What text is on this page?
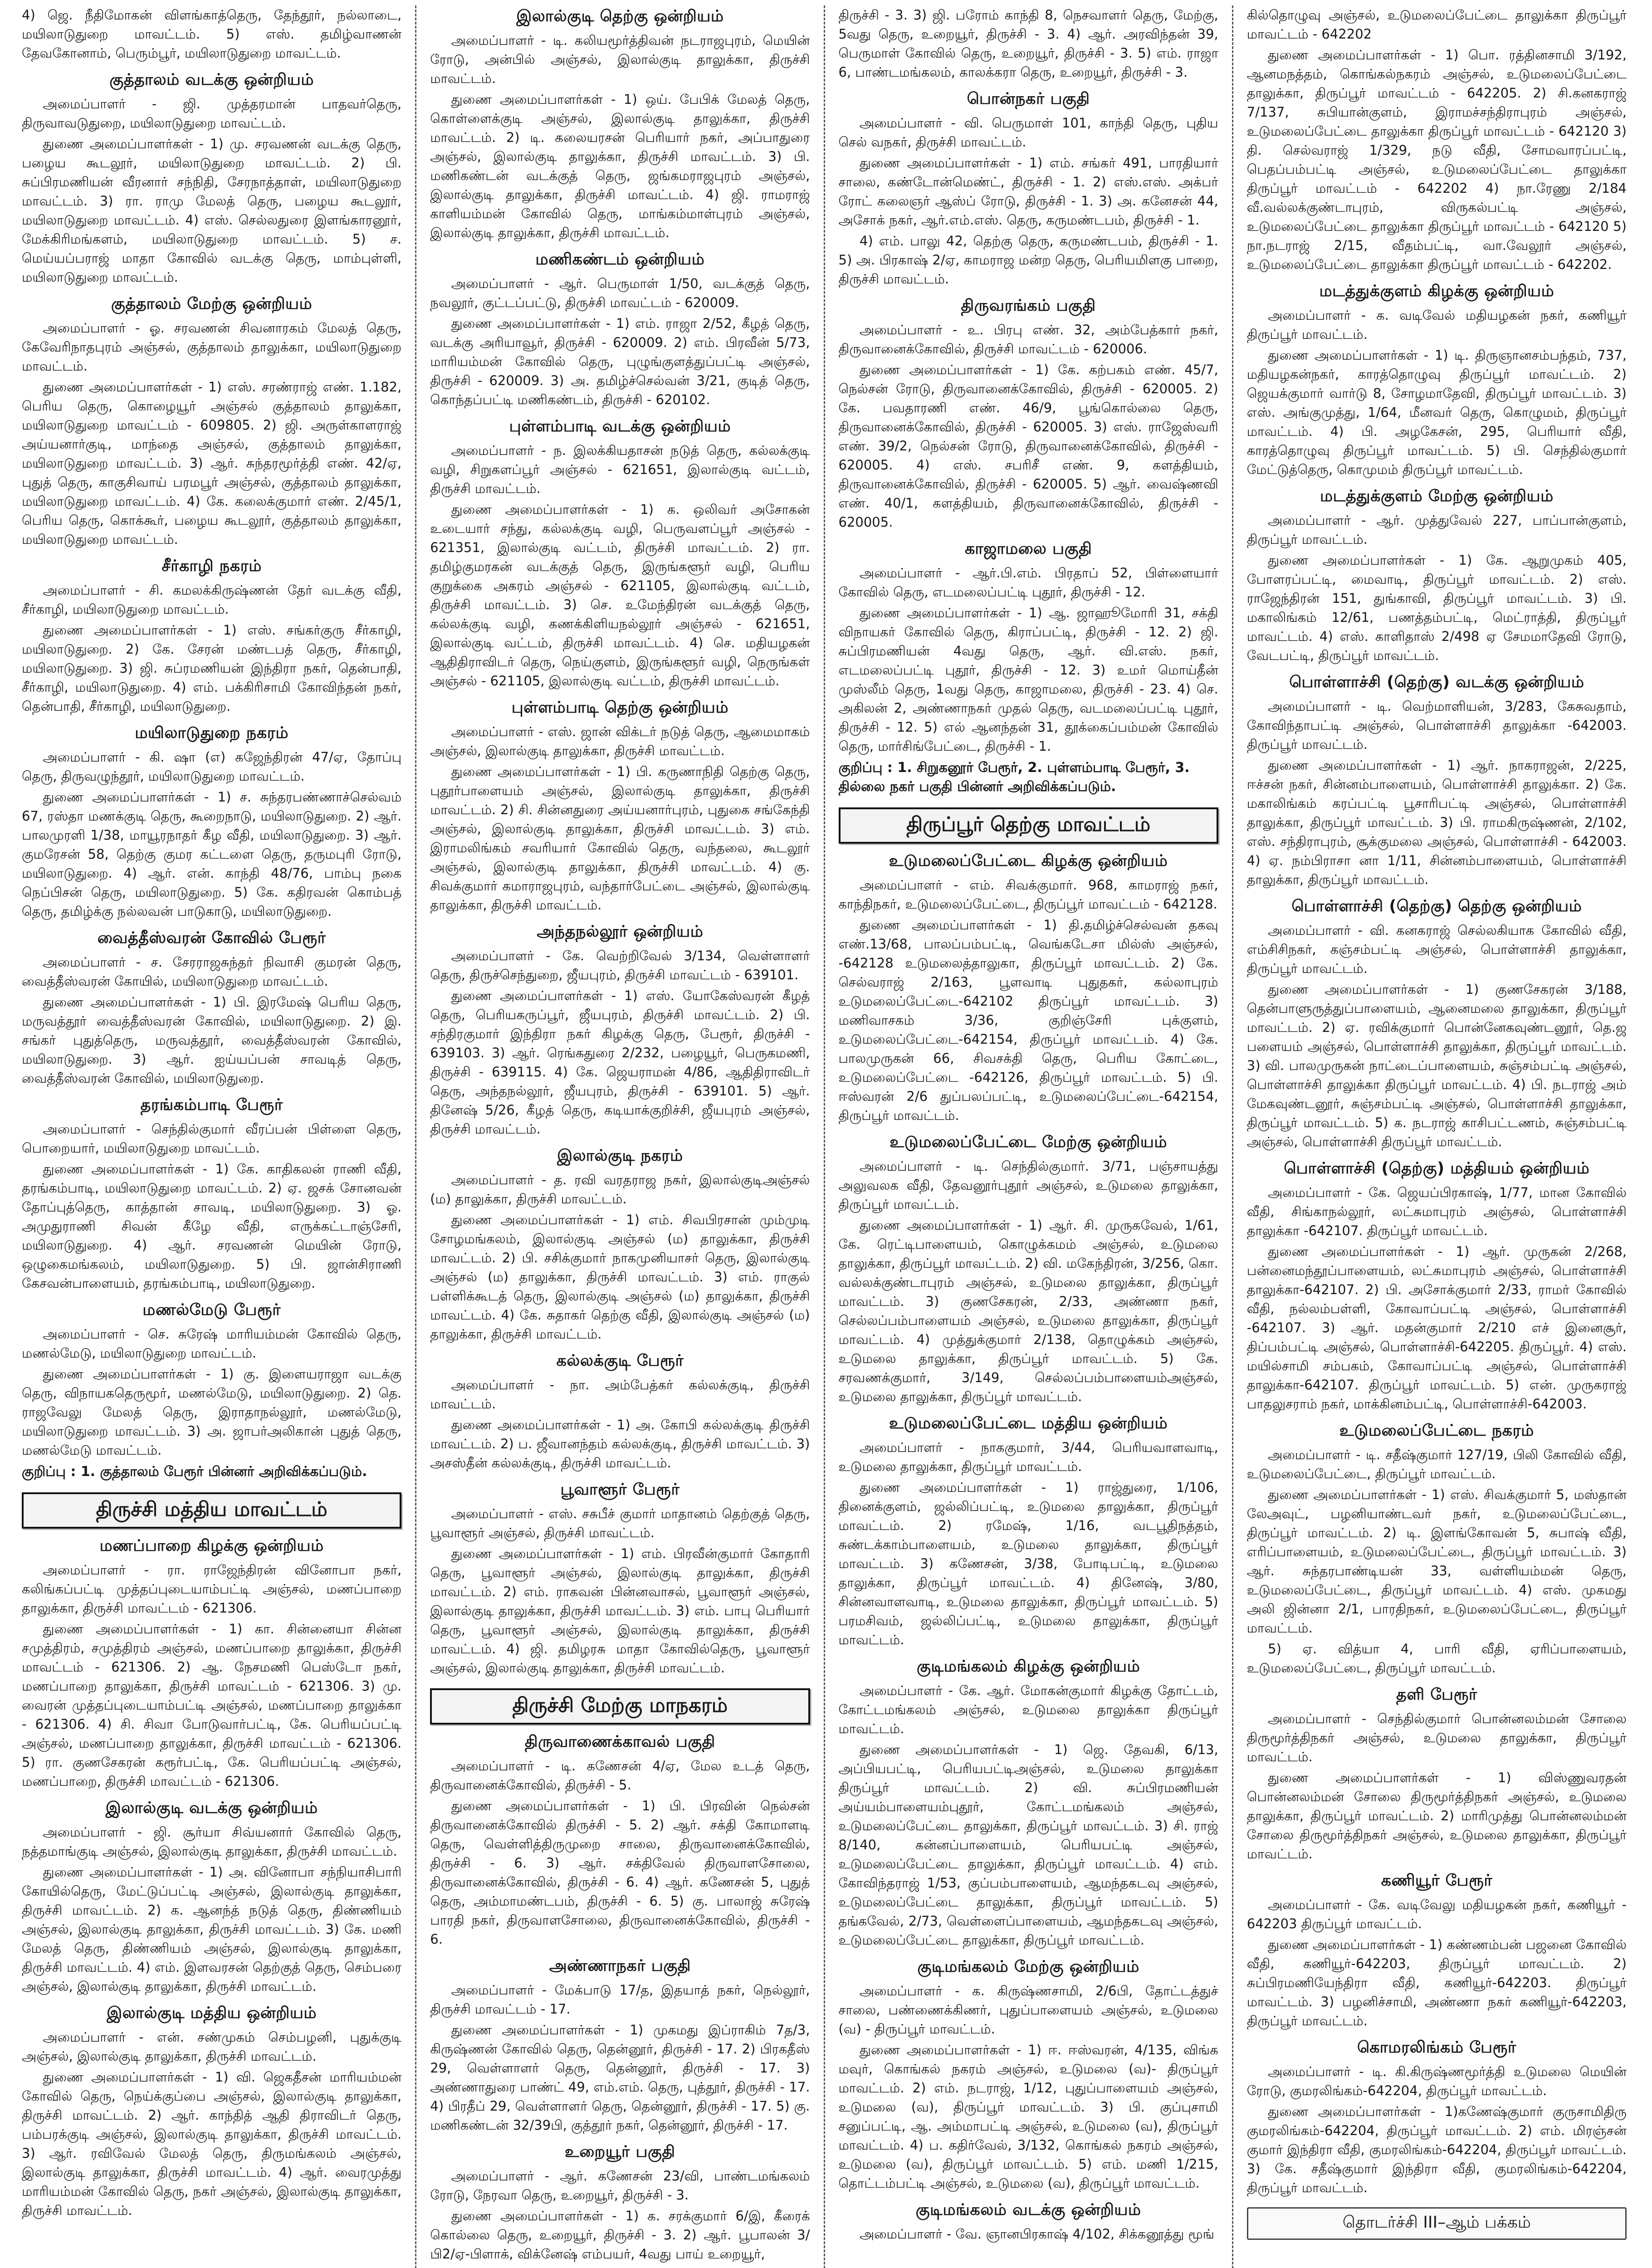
4) ஜெ. நீதிமோகன் விளங்காத்தெரு, தேந்தூர், நல்லாடை, மயிலாடுதுறை மாவட்டம். 5) எஸ். தமிழ்வாணன் தேவகோனாம், பெரும்பூர், மயிலாடுதுறை மாவட்டம்.

குத்தாலம் வடக்கு ஒன்றியம்

அமைப்பாளர் - ஜி. முத்தரமான் பாதவர்தெரு, திருவாவடுதுறை, மயிலாடுதுறை மாவட்டம்.

துணை அமைப்பாளர்கள் - 1) மு. சரவணன் வடக்கு தெரு, பழைய கூடலூர், மயிலாடுதுறை மாவட்டம். 2) பி. சுப்பிரமணியன் வீரனார் சந்நிதி, சேரநாத்தாள், மயிலாடுதுறை மாவட்டம். 3) ரா. ராமு மேலத் தெரு, பழைய கூடலூர், மயிலாடுதுறை மாவட்டம். 4) எஸ். செல்லதுரை இளங்காரனூர், மேக்கிரிமங்களம், மயிலாடுதுறை மாவட்டம். 5) ச. மெய்யப்பராஜ் மாதா கோவில் வடக்கு தெரு, மாம்புள்ளி, மயிலாடுதுறை மாவட்டம்.

குத்தாலம் மேற்கு ஒன்றியம்

அமைப்பாளர் - ஓ. சரவணன் சிவனாரகம் மேலத் தெரு, கேவேரிநாதபுரம் அஞ்சல், குத்தாலம் தாலுக்கா, மயிலாடுதுறை மாவட்டம்.

துணை அமைப்பாளர்கள் - 1) எஸ். சரண்ராஜ் எண். 1.182, பெரிய தெரு, கொழையூர் அஞ்சல் குத்தாலம் தாலுக்கா, மயிலாடுதுறை மாவட்டம் - 609805. 2) ஜி. அருள்காளராஜ் அய்யனார்குடி, மாந்தை அஞ்சல், குத்தாலம் தாலுக்கா, மயிலாடுதுறை மாவட்டம். 3) ஆர். சுந்தரமூர்த்தி எண். 42/ஏ, புதுத் தெரு, காகுசிவாய் பரமபூர் அஞ்சல், குத்தாலம் தாலுக்கா, மயிலாடுதுறை மாவட்டம். 4) கே. கலைக்குமார் எண். 2/45/1, பெரிய தெரு, கொக்கூர், பழைய கூடலூர், குத்தாலம் தாலுக்கா, மயிலாடுதுறை மாவட்டம்.

சீர்காழி நகரம்

அமைப்பாளர் - சி. கமலக்கிருஷ்ணன் தேர் வடக்கு வீதி, சீர்காழி, மயிலாடுதுறை மாவட்டம்.

துணை அமைப்பாளர்கள் - 1) எஸ். சங்கர்குரு சீர்காழி, மயிலாடுதுறை. 2) கே. சேரன் மண்டபத் தெரு, சீர்காழி, மயிலாடுதுறை. 3) ஜி. சுப்ரமணியன் இந்திரா நகர், தென்பாதி, சீர்காழி, மயிலாடுதுறை. 4) எம். பக்கிரிசாமி கோவிந்தன் நகர், தென்பாதி, சீர்காழி, மயிலாடுதுறை.

மயிலாடுதுறை நகரம்

அமைப்பாளர் - கி. ஷா (எ) கஜேந்திரன் 47/ஏ, தோப்பு தெரு, திருவழுந்தூர், மயிலாடுதுறை மாவட்டம்.

துணை அமைப்பாளர்கள் - 1) ச. சுந்தரபண்ணாச்செல்வம் 67, ரஸ்தா மணக்குடி தெரு, கூறைநாடு, மயிலாடுதுறை. 2) ஆர். பாலமுரளி 1/38, மாயூரநாதர் கீழ வீதி, மயிலாடுதுறை. 3) ஆர். குமரேசன் 58, தெற்கு குமர கட்டளை தெரு, தருமபுரி ரோடு, மயிலாடுதுறை. 4) ஆர். என். காந்தி 48/76, பாம்பு நகை நெப்பிசன் தெரு, மயிலாடுதுறை. 5) கே. கதிரவன் கொம்பத் தெரு, தமிழ்க்கு நல்லவன் பாடுகாடு, மயிலாடுதுறை.

வைத்தீஸ்வரன் கோவில் பேரூர்

அமைப்பாளர் - ச. சேரராஜசுந்தர் நிவாசி குமரன் தெரு, வைத்தீஸ்வரன் கோயில், மயிலாடுதுறை மாவட்டம்.

துணை அமைப்பாளர்கள் - 1) பி. இரமேஷ் பெரிய தெரு, மருவத்தூர் வைத்தீஸ்வரன் கோவில், மயிலாடுதுறை. 2) இ. சங்கர் புதுத்தெரு, மருவத்தூர், வைத்தீஸ்வரன் கோவில், மயிலாடுதுறை. 3) ஆர். ஐய்யப்பன் சாவடித் தெரு, வைத்தீஸ்வரன் கோவில், மயிலாடுதுறை.

தரங்கம்பாடி பேரூர்

அமைப்பாளர் - செந்தில்குமார் வீரப்பன் பிள்ளை தெரு, பொறையார், மயிலாடுதுறை மாவட்டம்.

துணை அமைப்பாளர்கள் - 1) கே. காதிகலன் ராணி வீதி, தரங்கம்பாடி, மயிலாடுதுறை மாவட்டம். 2) ஏ. ஜசக் சோனவன் தோப்புத்தெரு, காத்தான் சாவடி, மயிலாடுதுறை. 3) ஓ. அமுதுராணி சிவன் கீழே வீதி, எருக்கட்டாஞ்சேரி, மயிலாடுதுறை. 4) ஆர். சரவணன் மெயின் ரோடு, ஒழுகைமங்கலம், மயிலாடுதுறை. 5) பி. ஜான்சிராணி கேசவன்பாளையம், தரங்கம்பாடி, மயிலாடுதுறை.

மணல்மேடு பேரூர்

அமைப்பாளர் - செ. சுரேஷ் மாரியம்மன் கோவில் தெரு, மணல்மேடு, மயிலாடுதுறை மாவட்டம்.

துணை அமைப்பாளர்கள் - 1) கு. இளையராஜா வடக்கு தெரு, விநாயகதெருமூர், மணல்மேடு, மயிலாடுதுறை. 2) தெ. ராஜவேலு மேலத் தெரு, இராதாநல்லூர், மணல்மேடு, மயிலாடுதுறை மாவட்டம். 3) அ. ஜாபர்அலிகான் புதுத் தெரு, மணல்மேடு மாவட்டம்.

குறிப்பு : 1. குத்தாலம் பேரூர் பின்னர் அறிவிக்கப்படும்.
திருச்சி மத்திய மாவட்டம்
மணப்பாறை கிழக்கு ஒன்றியம்

அமைப்பாளர் - ரா. ராஜேந்திரன் வினோபா நகர், கலிங்கப்பட்டி முத்தப்புடையாம்பட்டி அஞ்சல், மணப்பாறை தாலுக்கா, திருச்சி மாவட்டம் - 621306.

துணை அமைப்பாளர்கள் - 1) கா. சின்னையா சின்ன சமுத்திரம், சமுத்திரம் அஞ்சல், மணப்பாறை தாலுக்கா, திருச்சி மாவட்டம் - 621306. 2) ஆ. நேசமணி பெஸ்டோ நகர், மணப்பாறை தாலுக்கா, திருச்சி மாவட்டம் - 621306. 3) மு. வைரன் முத்தப்புடையாம்பட்டி அஞ்சல், மணப்பாறை தாலுக்கா - 621306. 4) சி. சிவா போடுவார்பட்டி, கே. பெரியப்பட்டி அஞ்சல், மணப்பாறை தாலுக்கா, திருச்சி மாவட்டம் - 621306. 5) ரா. குணசேகரன் கரூர்பட்டி, கே. பெரியப்பட்டி அஞ்சல், மணப்பாறை, திருச்சி மாவட்டம் - 621306.

இலால்குடி வடக்கு ஒன்றியம்

அமைப்பாளர் - ஜி. சூர்யா சிவ்யனார் கோவில் தெரு, நத்தமாங்குடி அஞ்சல், இலால்குடி தாலுக்கா, திருச்சி மாவட்டம்.

துணை அமைப்பாளர்கள் - 1) அ. வினோபா சந்நியாசிபாரி கோயில்தெரு, மேட்டுப்பட்டி அஞ்சல், இலால்குடி தாலுக்கா, திருச்சி மாவட்டம். 2) க. ஆனந்த் நடுத் தெரு, திண்ணியம் அஞ்சல், இலால்குடி தாலுக்கா, திருச்சி மாவட்டம். 3) கே. மணி மேலத் தெரு, திண்ணியம் அஞ்சல், இலால்குடி தாலுக்கா, திருச்சி மாவட்டம். 4) எம். இளவரசன் தெற்குத் தெரு, செம்பரை அஞ்சல், இலால்குடி தாலுக்கா, திருச்சி மாவட்டம்.

இலால்குடி மத்திய ஒன்றியம்

அமைப்பாளர் - என். சண்முகம் செம்பழனி, புதுக்குடி அஞ்சல், இலால்குடி தாலுக்கா, திருச்சி மாவட்டம்.

துணை அமைப்பாளர்கள் - 1) வி. ஜெகதீசன் மாரியம்மன் கோவில் தெரு, நெய்க்குப்பை அஞ்சல், இலால்குடி தாலுக்கா, திருச்சி மாவட்டம். 2) ஆர். காந்தித் ஆதி திராவிடர் தெரு, பம்பரக்குடி அஞ்சல், இலால்குடி தாலுக்கா, திருச்சி மாவட்டம். 3) ஆர். ரவிவேல் மேலத் தெரு, திருமங்கலம் அஞ்சல், இலால்குடி தாலுக்கா, திருச்சி மாவட்டம். 4) ஆர். வைரமுத்து மாரியம்மன் கோவில் தெரு, நகர் அஞ்சல், இலால்குடி தாலுக்கா, திருச்சி மாவட்டம்.

இலால்குடி தெற்கு ஒன்றியம்

அமைப்பாளர் - டி. கலியமூர்த்திவன் நடராஜபுரம், மெயின் ரோடு, அன்பில் அஞ்சல், இலால்குடி தாலுக்கா, திருச்சி மாவட்டம்.

துணை அமைப்பாளர்கள் - 1) ஒய். பேபிக் மேலத் தெரு, கொள்ளைக்குடி அஞ்சல், இலால்குடி தாலுக்கா, திருச்சி மாவட்டம். 2) டி. கலையரசன் பெரியார் நகர், அப்பாதுரை அஞ்சல், இலால்குடி தாலுக்கா, திருச்சி மாவட்டம். 3) பி. மணிகண்டன் வடக்குத் தெரு, ஜங்கமராஜபுரம் அஞ்சல், இலால்குடி தாலுக்கா, திருச்சி மாவட்டம். 4) ஜி. ராமராஜ் காளியம்மன் கோவில் தெரு, மாங்கம்மாள்புரம் அஞ்சல், இலால்குடி தாலுக்கா, திருச்சி மாவட்டம்.

மணிகண்டம் ஒன்றியம்

அமைப்பாளர் - ஆர். பெருமாள் 1/50, வடக்குத் தெரு, நவலூர், குட்டப்பட்டு, திருச்சி மாவட்டம் - 620009.

துணை அமைப்பாளர்கள் - 1) எம். ராஜா 2/52, கீழத் தெரு, வடக்கு அரியாவூர், திருச்சி - 620009. 2) எம். பிரவீன் 5/73, மாரியம்மன் கோவில் தெரு, புழுங்குளத்துப்பட்டி அஞ்சல், திருச்சி - 620009. 3) அ. தமிழ்ச்செல்வன் 3/21, குடித் தெரு, கொந்தப்பட்டி மணிகண்டம், திருச்சி - 620102.

புள்ளம்பாடி வடக்கு ஒன்றியம்

அமைப்பாளர் - ந. இலக்கியதாசன் நடுத் தெரு, கல்லக்குடி வழி, சிறுகளப்பூர் அஞ்சல் - 621651, இலால்குடி வட்டம், திருச்சி மாவட்டம்.

துணை அமைப்பாளர்கள் - 1) க. ஒலிவர் அசோகன் உடையார் சந்து, கல்லக்குடி வழி, பெருவளப்பூர் அஞ்சல் - 621351, இலால்குடி வட்டம், திருச்சி மாவட்டம். 2) ரா. தமிழ்குமரகன் வடக்குத் தெரு, இருங்களூர் வழி, பெரிய குறுக்கை அகரம் அஞ்சல் - 621105, இலால்குடி வட்டம், திருச்சி மாவட்டம். 3) செ. உமேந்திரன் வடக்குத் தெரு, கல்லக்குடி வழி, கணக்கிளியநல்லூர் அஞ்சல் - 621651, இலால்குடி வட்டம், திருச்சி மாவட்டம். 4) செ. மதியழகன் ஆதிதிராவிடர் தெரு, நெய்குளம், இருங்களூர் வழி, நெருங்கள் அஞ்சல் - 621105, இலால்குடி வட்டம், திருச்சி மாவட்டம்.

புள்ளம்பாடி தெற்கு ஒன்றியம்

அமைப்பாளர் - எஸ். ஜான் விக்டர் நடுத் தெரு, ஆமைமாகம் அஞ்சல், இலால்குடி தாலுக்கா, திருச்சி மாவட்டம்.

துணை அமைப்பாளர்கள் - 1) பி. கருணாநிதி தெற்கு தெரு, புதூர்பாளையம் அஞ்சல், இலால்குடி தாலுக்கா, திருச்சி மாவட்டம். 2) சி. சின்னதுரை அய்யனார்புரம், புதுகை சங்கேந்தி அஞ்சல், இலால்குடி தாலுக்கா, திருச்சி மாவட்டம். 3) எம். இராமலிங்கம் சவரியார் கோவில் தெரு, வந்தலை, கூடலூர் அஞ்சல், இலால்குடி தாலுக்கா, திருச்சி மாவட்டம். 4) கு. சிவக்குமார் கமாராஜபுரம், வந்தார்பேட்டை அஞ்சல், இலால்குடி தாலுக்கா, திருச்சி மாவட்டம்.

அந்தநல்லூர் ஒன்றியம்

அமைப்பாளர் - கே. வெற்றிவேல் 3/134, வெள்ளாளர் தெரு, திருச்செந்துறை, ஜீயபுரம், திருச்சி மாவட்டம் - 639101.

துணை அமைப்பாளர்கள் - 1) எஸ். யோகேஸ்வரன் கீழத் தெரு, பெரியகருப்பூர், ஜீயபுரம், திருச்சி மாவட்டம். 2) பி. சந்திரகுமார் இந்திரா நகர் கிழக்கு தெரு, பேரூர், திருச்சி - 639103. 3) ஆர். ரெங்கதுரை 2/232, பழையூர், பெருகமணி, திருச்சி - 639115. 4) கே. ஜெயராமன் 4/86, ஆதிதிராவிடர் தெரு, அந்தநல்லூர், ஜீயபுரம், திருச்சி - 639101. 5) ஆர். தினேஷ் 5/26, கீழத் தெரு, கடியாக்குறிச்சி, ஜீயபுரம் அஞ்சல், திருச்சி மாவட்டம்.

இலால்குடி நகரம்

அமைப்பாளர் - த. ரவி வரதராஜ நகர், இலால்குடிஅஞ்சல் (ம) தாலுக்கா, திருச்சி மாவட்டம்.

துணை அமைப்பாளர்கள் - 1) எம். சிவபிரசான் மும்முடி சோழமங்கலம், இலால்குடி அஞ்சல் (ம) தாலுக்கா, திருச்சி மாவட்டம். 2) பி. சசிக்குமார் நாகமுனியாசர் தெரு, இலால்குடி அஞ்சல் (ம) தாலுக்கா, திருச்சி மாவட்டம். 3) எம். ராகுல் பள்ளிக்கூடத் தெரு, இலால்குடி அஞ்சல் (ம) தாலுக்கா, திருச்சி மாவட்டம். 4) கே. சுதாகர் தெற்கு வீதி, இலால்குடி அஞ்சல் (ம) தாலுக்கா, திருச்சி மாவட்டம்.

கல்லக்குடி பேரூர்

அமைப்பாளர் - நா. அம்பேத்கர் கல்லக்குடி, திருச்சி மாவட்டம்.

துணை அமைப்பாளர்கள் - 1) அ. கோபி கல்லக்குடி திருச்சி மாவட்டம். 2) ப. ஜீவானந்தம் கல்லக்குடி, திருச்சி மாவட்டம். 3) அசஸ்தீன் கல்லக்குடி, திருச்சி மாவட்டம்.

பூவாளூர் பேரூர்

அமைப்பாளர் - எஸ். சசுபீச் குமார் மாதானம் தெற்குத் தெரு, பூவாளூர் அஞ்சல், திருச்சி மாவட்டம்.

துணை அமைப்பாளர்கள் - 1) எம். பிரவீன்குமார் கோதாரி தெரு, பூவாளூர் அஞ்சல், இலால்குடி தாலுக்கா, திருச்சி மாவட்டம். 2) எம். ராகவன் பின்னவாசல், பூவாளூர் அஞ்சல், இலால்குடி தாலுக்கா, திருச்சி மாவட்டம். 3) எம். பாபு பெரியார் தெரு, பூவாளூர் அஞ்சல், இலால்குடி தாலுக்கா, திருச்சி மாவட்டம். 4) ஜி. தமிழரசு மாதா கோவில்தெரு, பூவாளூர் அஞ்சல், இலால்குடி தாலுக்கா, திருச்சி மாவட்டம்.

திருச்சி மேற்கு மாநகரம்
திருவாணைக்காவல் பகுதி

அமைப்பாளர் - டி. கணேசன் 4/ஏ, மேல உடத் தெரு, திருவானைக்கோவில், திருச்சி - 5.

துணை அமைப்பாளர்கள் - 1) பி. பிரவின் நெல்சன் திருவானைக்கோவில் திருச்சி - 5. 2) ஆர். சக்தி கோமாளடி தெரு, வெள்ளித்திருமுறை சாலை, திருவானைக்கோவில், திருச்சி - 6. 3) ஆர். சக்திவேல் திருவாளசோலை, திருவானைக்கோவில், திருச்சி - 6. 4) ஆர். கணேசன் 5, புதுத் தெரு, அம்மாமண்டபம், திருச்சி - 6. 5) கு. பாலாஜ் சுரேஷ் பாரதி நகர், திருவாளசோலை, திருவானைக்கோவில், திருச்சி - 6.

அண்ணாநகர் பகுதி

அமைப்பாளர் - மேக்பாடு 17/த, இதயாத் நகர், நெல்லூர், திருச்சி மாவட்டம் - 17.

துணை அமைப்பாளர்கள் - 1) முகமது இப்ராகிம் 7த/3, கிருஷ்ணன் கோவில் தெரு, தென்னூர், திருச்சி - 17. 2) பிரகதீஸ் 29, வெள்ளாளர் தெரு, தென்னூர், திருச்சி - 17. 3) அண்ணாதுரை பாண்ட் 49, எம்.எம். தெரு, புத்தூர், திருச்சி - 17. 4) பிரதீப் 29, வெள்ளாளர் தெரு, தென்னூர், திருச்சி - 17. 5) கு. மணிகண்டன் 32/39பி, குத்தூர் நகர், தென்னூர், திருச்சி - 17.

உறையூர் பகுதி

அமைப்பாளர் - ஆர். கணேசன் 23/வி, பாண்டமங்கலம் ரோடு, நேரவா தெரு, உறையூர், திருச்சி - 3.

துணை அமைப்பாளர்கள் - 1) க. சரக்குமார் 6/இ, கீரைக் கொல்லை தெரு, உறையூர், திருச்சி - 3. 2) ஆர். பூபாலன் 3/ பி2/ஏ-பிளாக், விக்னேஷ் எம்பயர், 4வது பாய் உறையூர்,

திருச்சி - 3. 3) ஜி. பரோம் காந்தி 8, நெசவாளர் தெரு, மேற்கு, 5வது தெரு, உறையூர், திருச்சி - 3. 4) ஆர். அரவிந்தன் 39, பெருமாள் கோவில் தெரு, உறையூர், திருச்சி - 3. 5) எம். ராஜா 6, பாண்டமங்கலம், காலக்கரா தெரு, உறையூர், திருச்சி - 3.

பொன்நகர் பகுதி

அமைப்பாளர் - வி. பெருமாள் 101, காந்தி தெரு, புதிய செல் வநகர், திருச்சி மாவட்டம்.

துணை அமைப்பாளர்கள் - 1) எம். சங்கர் 491, பாரதியார் சாலை, கண்டோன்மெண்ட், திருச்சி - 1. 2) எஸ்.எஸ். அக்பர் ரோட் கலைஞர் ஆஸ்ப் ரோடு, திருச்சி - 1. 3) அ. கனேசன் 44, அசோக் நகர், ஆர்.எம்.எஸ். தெரு, கருமண்டபம், திருச்சி - 1.

4) எம். பாலு 42, தெற்கு தெரு, கருமண்டபம், திருச்சி - 1. 5) அ. பிரகாஷ் 2/ஏ, காமராஜ மன்ற தெரு, பெரியமிளகு பாறை, திருச்சி மாவட்டம்.

திருவரங்கம் பகுதி

அமைப்பாளர் - உ. பிரபு எண். 32, அம்பேத்கார் நகர், திருவானைக்கோவில், திருச்சி மாவட்டம் - 620006.

துணை அமைப்பாளர்கள் - 1) கே. கற்பகம் எண். 45/7, நெல்சன் ரோடு, திருவானைக்கோவில், திருச்சி - 620005. 2) கே. பவதாரணி எண். 46/9, பூங்கொல்லை தெரு, திருவானைக்கோவில், திருச்சி - 620005. 3) எஸ். ராஜேஸ்வரி எண். 39/2, நெல்சன் ரோடு, திருவானைக்கோவில், திருச்சி - 620005. 4) எஸ். சபரிசீ எண். 9, களத்தியம், திருவானைக்கோவில், திருச்சி - 620005. 5) ஆர். வைஷ்ணவி எண். 40/1, களத்தியம், திருவானைக்கோவில், திருச்சி - 620005.

காஜாமலை பகுதி

அமைப்பாளர் - ஆர்.பி.எம். பிரதாப் 52, பிள்ளையார் கோவில் தெரு, எடமலைப்பட்டி புதூர், திருச்சி - 12.

துணை அமைப்பாளர்கள் - 1) ஆ. ஜாஹூமோரி 31, சக்தி விநாயகர் கோவில் தெரு, கிராப்பட்டி, திருச்சி - 12. 2) ஜி. சுப்பிரமணியன் 4வது தெரு, ஆர். வி.எஸ். நகர், எடமலைப்பட்டி புதூர், திருச்சி - 12. 3) உமர் மொய்தீன் முஸ்லீம் தெரு, 1வது தெரு, காஜாமலை, திருச்சி - 23. 4) செ. அகிலன் 2, அண்ணாநகர் முதல் தெரு, வடமலைப்பட்டி புதூர், திருச்சி - 12. 5) எல் ஆனந்தன் 31, தூக்கைப்பம்மன் கோவில் தெரு, மார்சிங்பேட்டை, திருச்சி - 1.

குறிப்பு : 1. சிறுகனூர் பேரூர், 2. புள்ளம்பாடி பேரூர், 3. தில்லை நகர் பகுதி பின்னர் அறிவிக்கப்படும்.
திருப்பூர் தெற்கு மாவட்டம்
உடுமலைப்பேட்டை கிழக்கு ஒன்றியம்

அமைப்பாளர் - எம். சிவக்குமார். 968, காமராஜ் நகர், காந்திநகர், உடுமலைப்பேட்டை, திருப்பூர் மாவட்டம் - 642128.

துணை அமைப்பாளர்கள் - 1) தி.தமிழ்ச்செல்வன் தகவு எண்.13/68, பாலப்பம்பட்டி, வெங்கடேசா மில்ஸ் அஞ்சல், -642128 உடுமலைத்தாலுகா, திருப்பூர் மாவட்டம். 2) கே. செல்வராஜ் 2/163, பூளவாடி புதுதகர், கல்லாபுரம் உடுமலைப்பேட்டை-642102 திருப்பூர் மாவட்டம். 3) மணிவாசகம் 3/36, குறிஞ்சேரி புக்குளம், உடுமலைப்பேட்டை-642154, திருப்பூர் மாவட்டம். 4) கே. பாலமுருகன் 66, சிவசக்தி தெரு, பெரிய கோட்டை, உடுமலைப்பேட்டை -642126, திருப்பூர் மாவட்டம். 5) பி. ஈஸ்வரன் 2/6 துப்பலப்பட்டி, உடுமலைப்பேட்டை-642154, திருப்பூர் மாவட்டம்.

உடுமலைப்பேட்டை மேற்கு ஒன்றியம்

அமைப்பாளர் - டி. செந்தில்குமார். 3/71, பஞ்சாயத்து அலுவலக வீதி, தேவனூர்புதூர் அஞ்சல், உடுமலை தாலுக்கா, திருப்பூர் மாவட்டம்.

துணை அமைப்பாளர்கள் - 1) ஆர். சி. முருகவேல், 1/61, கே. ரெட்டிபாளையம், கொழுக்கமம் அஞ்சல், உடுமலை தாலுக்கா, திருப்பூர் மாவட்டம். 2) வி. மகேந்திரன், 3/256, கொ. வல்லக்குண்டாபுரம் அஞ்சல், உடுமலை தாலுக்கா, திருப்பூர் மாவட்டம். 3) குணசேகரன், 2/33, அண்ணா நகர், செல்லப்பம்பாளையம் அஞ்சல், உடுமலை தாலுக்கா, திருப்பூர் மாவட்டம். 4) முத்துக்குமார் 2/138, தொழுக்கம் அஞ்சல், உடுமலை தாலுக்கா, திருப்பூர் மாவட்டம். 5) கே. சரவணக்குமார், 3/149, செல்லப்பம்பாளையம்அஞ்சல், உடுமலை தாலுக்கா, திருப்பூர் மாவட்டம்.

உடுமலைப்பேட்டை மத்திய ஒன்றியம்

அமைப்பாளர் - நாககுமார், 3/44, பெரியவாளவாடி, உடுமலை தாலுக்கா, திருப்பூர் மாவட்டம்.

துணை அமைப்பாளர்கள் - 1) ராஜ்துரை, 1/106, தினைக்குளம், ஜல்லிப்பட்டி, உடுமலை தாலுக்கா, திருப்பூர் மாவட்டம். 2) ரமேஷ், 1/16, வடபூதிநத்தம், சுண்டக்காம்பாளையம், உடுமலை தாலுக்கா, திருப்பூர் மாவட்டம். 3) கணேசன், 3/38, போடிபட்டி, உடுமலை தாலுக்கா, திருப்பூர் மாவட்டம். 4) தினேஷ், 3/80, சின்னவாளவாடி, உடுமலை தாலுக்கா, திருப்பூர் மாவட்டம். 5) பரமசிவம், ஜல்லிப்பட்டி, உடுமலை தாலுக்கா, திருப்பூர் மாவட்டம்.

குடிமங்கலம் கிழக்கு ஒன்றியம்

அமைப்பாளர் - கே. ஆர். மோகன்குமார் கிழக்கு தோட்டம், கோட்டமங்கலம் அஞ்சல், உடுமலை தாலுக்கா திருப்பூர் மாவட்டம்.

துணை அமைப்பாளர்கள் - 1) ஜெ. தேவகி, 6/13, அப்பியபட்டி, பெரியபட்டிஅஞ்சல், உடுமலை தாலுக்கா திருப்பூர் மாவட்டம். 2) வி. சுப்பிரமணியன் அய்யம்பாளையம்புதூர், கோட்டமங்கலம் அஞ்சல், உடுமலைப்பேட்டை தாலுக்கா, திருப்பூர் மாவட்டம். 3) சி. ராஜ் 8/140, கன்னப்பாளையம், பெரியபட்டி அஞ்சல், உடுமலைப்பேட்டை தாலுக்கா, திருப்பூர் மாவட்டம். 4) எம். கோவிந்தராஜ் 1/53, குப்பம்பாளையம், ஆமந்தகடவு அஞ்சல், உடுமலைப்பேட்டை தாலுக்கா, திருப்பூர் மாவட்டம். 5) தங்கவேல், 2/73, வெள்ளைப்பாளையம், ஆமந்தகடவு அஞ்சல், உடுமலைப்பேட்டை தாலுக்கா, திருப்பூர் மாவட்டம்.

குடிமங்கலம் மேற்கு ஒன்றியம்

அமைப்பாளர் - க. கிருஷ்ணசாமி, 2/6பி, தோட்டத்துச் சாலை, பண்ணைக்கிணர், புதுப்பாளையம் அஞ்சல், உடுமலை (வ) - திருப்பூர் மாவட்டம்.

துணை அமைப்பாளர்கள் - 1) ஈ. ஈஸ்வரன், 4/135, விங்க மவுர், கொங்கல் நகரம் அஞ்சல், உடுமலை (வ)- திருப்பூர் மாவட்டம். 2) எம். நடராஜ், 1/12, புதுப்பாளையம் அஞ்சல், உடுமலை (வ), திருப்பூர் மாவட்டம். 3) பி. குப்புசாமி சனுப்பட்டி, ஆ. அம்மாபட்டி அஞ்சல், உடுமலை (வ), திருப்பூர் மாவட்டம். 4) ப. கதிர்வேல், 3/132, கொங்கல் நகரம் அஞ்சல், உடுமலை (வ), திருப்பூர் மாவட்டம். 5) எம். மணி 1/215, தொட்டம்பட்டி அஞ்சல், உடுமலை (வ), திருப்பூர் மாவட்டம்.

குடிமங்கலம் வடக்கு ஒன்றியம்

அமைப்பாளர் - வே. ஞானபிரகாஷ் 4/102, சிக்கனூத்து மூங்

கில்தொழுவு அஞ்சல், உடுமலைப்பேட்டை தாலுக்கா திருப்பூர் மாவட்டம் - 642202

துணை அமைப்பாளர்கள் - 1) பொ. ரத்தினசாமி 3/192, ஆனமநத்தம், கொங்கல்நகரம் அஞ்சல், உடுமலைப்பேட்டை தாலுக்கா, திருப்பூர் மாவட்டம் - 642205. 2) சி.கனகராஜ் 7/137, சுபியான்குளம், இராமச்சந்திராபுரம் அஞ்சல், உடுமலைப்பேட்டை தாலுக்கா திருப்பூர் மாவட்டம் - 642120 3) தி. செல்வராஜ் 1/329, நடு வீதி, சோமவாரப்பட்டி, பெதப்பம்பட்டி அஞ்சல், உடுமலைப்பேட்டை தாலுக்கா திருப்பூர் மாவட்டம் - 642202 4) நா.ரேணு 2/184 வீ.வல்லக்குண்டாபுரம், விருகல்பட்டி அஞ்சல், உடுமலைப்பேட்டை தாலுக்கா திருப்பூர் மாவட்டம் - 642120 5) நா.நடராஜ் 2/15, வீதம்பட்டி, வா.வேலூர் அஞ்சல், உடுமலைப்பேட்டை தாலுக்கா திருப்பூர் மாவட்டம் - 642202.

மடத்துக்குளம் கிழக்கு ஒன்றியம்

அமைப்பாளர் - க. வடிவேல் மதியழகன் நகர், கணியூர் திருப்பூர் மாவட்டம்.

துணை அமைப்பாளர்கள் - 1) டி. திருஞானசம்பந்தம், 737, மதியழகன்நகர், காரத்தொழுவு திருப்பூர் மாவட்டம். 2) ஜெயக்குமார் வார்டு 8, சோழமாதேவி, திருப்பூர் மாவட்டம். 3) எஸ். அங்குமுத்து, 1/64, மீனவர் தெரு, கொழுமம், திருப்பூர் மாவட்டம். 4) பி. அழகேசன், 295, பெரியார் வீதி, காரத்தொழுவு திருப்பூர் மாவட்டம். 5) பி. செந்தில்குமார் மேட்டுத்தெரு, கொமுமம் திருப்பூர் மாவட்டம்.

மடத்துக்குளம் மேற்கு ஒன்றியம்

அமைப்பாளர் - ஆர். முத்துவேல் 227, பாப்பான்குளம், திருப்பூர் மாவட்டம்.

துணை அமைப்பாளர்கள் - 1) கே. ஆறுமுகம் 405, போளரப்பட்டி, மைவாடி, திருப்பூர் மாவட்டம். 2) எஸ். ராஜேந்திரன் 151, துங்காவி, திருப்பூர் மாவட்டம். 3) பி. மகாலிங்கம் 12/61, பணத்தம்பட்டி, மெட்ராத்தி, திருப்பூர் மாவட்டம். 4) எஸ். காளிதாஸ் 2/498 ஏ சேமமாதேவி ரோடு, வேடபட்டி, திருப்பூர் மாவட்டம்.

பொள்ளாச்சி (தெற்கு) வடக்கு ஒன்றியம்

அமைப்பாளர் - டி. வெற்மாளியன், 3/283, கேசுவதாம், கோவிந்தாபட்டி அஞ்சல், பொள்ளாச்சி தாலுக்கா -642003. திருப்பூர் மாவட்டம்.

துணை அமைப்பாளர்கள் - 1) ஆர். நாகராஜன், 2/225, ஈச்சன் நகர், சின்னம்பாளையம், பொள்ளாச்சி தாலுக்கா. 2) கே. மகாலிங்கம் கரப்பட்டி பூசாரிபட்டி அஞ்சல், பொள்ளாச்சி தாலுக்கா, திருப்பூர் மாவட்டம். 3) பி. ராமகிருஷ்ணன், 2/102, எஸ். சந்திராபுரம், சூக்குமலை அஞ்சல், பொள்ளாச்சி - 642003. 4) ஏ. நம்பிராசா னா 1/11, சின்னம்பாளையம், பொள்ளாச்சி தாலுக்கா, திருப்பூர் மாவட்டம்.

பொள்ளாச்சி (தெற்கு) தெற்கு ஒன்றியம்

அமைப்பாளர் - வி. கனகராஜ் செல்லகியாக கோவில் வீதி, எம்சிசிநகர், கஞ்சம்பட்டி அஞ்சல், பொள்ளாச்சி தாலுக்கா, திருப்பூர் மாவட்டம்.

துணை அமைப்பாளர்கள் - 1) குணசேகரன் 3/188, தென்பாளுருத்துப்பாளையம், ஆனைமலை தாலுக்கா, திருப்பூர் மாவட்டம். 2) ஏ. ரவிக்குமார் பொன்னேகவுண்டனூர், தெ.ஜ பளையம் அஞ்சல், பொள்ளாச்சி தாலுக்கா, திருப்பூர் மாவட்டம். 3) வி. பாலமுருகன் நாட்டைப்பாளையம், சுஞ்சம்பட்டி அஞ்சல், பொள்ளாச்சி தாலுக்கா திருப்பூர் மாவட்டம். 4) பி. நடராஜ் அம் மேகவுண்டனூர், சுஞ்சம்பட்டி அஞ்சல், பொள்ளாச்சி தாலுக்கா, திருப்பூர் மாவட்டம். 5) க. நடராஜ் காசிபட்டணம், சுஞ்சம்பட்டி அஞ்சல், பொள்ளாச்சி திருப்பூர் மாவட்டம்.

பொள்ளாச்சி (தெற்கு) மத்தியம் ஒன்றியம்

அமைப்பாளர் - கே. ஜெயப்பிரகாஷ், 1/77, மான கோவில் வீதி, சிங்காநல்லூர், லட்சுமாபுரம் அஞ்சல், பொள்ளாச்சி தாலுக்கா -642107. திருப்பூர் மாவட்டம்.

துணை அமைப்பாளர்கள் - 1) ஆர். முருகன் 2/268, பன்னைமந்தூப்பாளையம், லட்சுமாபுரம் அஞ்சல், பொள்ளாச்சி தாலுக்கா-642107. 2) பி. அசோக்குமார் 2/33, ராமர் கோவில் வீதி, நல்லம்பள்ளி, கோவாப்பட்டி அஞ்சல், பொள்ளாச்சி -642107. 3) ஆர். மதன்குமார் 2/210 எச் இனைசூர், திப்பம்பட்டி அஞ்சல், பொள்ளாச்சி-642205. திருப்பூர். 4) எஸ். மயில்சாமி சம்பகம், கோவாப்பட்டி அஞ்சல், பொள்ளாச்சி தாலுக்கா-642107. திருப்பூர் மாவட்டம். 5) என். முருகராஜ் பாதலுசராம் நகர், மாக்கினம்பட்டி, பொள்ளாச்சி-642003.

உடுமலைப்பேட்டை நகரம்

அமைப்பாளர் - டி. சதீஷ்குமார் 127/19, பிலி கோவில் வீதி, உடுமலைப்பேட்டை, திருப்பூர் மாவட்டம்.

துணை அமைப்பாளர்கள் - 1) எஸ். சிவக்குமார் 5, மஸ்தான் லேஅவுட், பழனியாண்டவர் நகர், உடுமலைப்பேட்டை, திருப்பூர் மாவட்டம். 2) டி. இளங்கோவன் 5, சுபாஷ் வீதி, எரிப்பாளையம், உடுமலைப்பேட்டை, திருப்பூர் மாவட்டம். 3) ஆர். சுந்தரபாண்டியன் 33, வள்ளியம்மன் தெரு, உடுமலைப்பேட்டை, திருப்பூர் மாவட்டம். 4) எஸ். முகமது அலி ஜின்னா 2/1, பாரதிநகர், உடுமலைப்பேட்டை, திருப்பூர் மாவட்டம்.

5) ஏ. வித்யா 4, பாரி வீதி, ஏரிப்பாளையம், உடுமலைப்பேட்டை, திருப்பூர் மாவட்டம்.

தளி பேரூர்

அமைப்பாளர் - செந்தில்குமார் பொன்னலம்மன் சோலை திருமூர்த்திநகர் அஞ்சல், உடுமலை தாலுக்கா, திருப்பூர் மாவட்டம்.

துணை அமைப்பாளர்கள் - 1) விஸ்ணுவரதன் பொன்னலம்மன் சோலை திருமூர்த்திநகர் அஞ்சல், உடுமலை தாலுக்கா, திருப்பூர் மாவட்டம். 2) மாரிமுத்து பொன்னலம்மன் சோலை திருமூர்த்திநகர் அஞ்சல், உடுமலை தாலுக்கா, திருப்பூர் மாவட்டம்.

கணியூர் பேரூர்

அமைப்பாளர் - கே. வடிவேலு மதியழகன் நகர், கணியூர் - 642203 திருப்பூர் மாவட்டம்.

துணை அமைப்பாளர்கள் - 1) கண்ணம்பன் பஜனை கோவில் வீதி, கணியூர்-642203, திருப்பூர் மாவட்டம். 2) சுப்பிரமணியேந்திரா வீதி, கணியூர்-642203. திருப்பூர் மாவட்டம். 3) பழனிச்சாமி, அண்ணா நகர் கணியூர்-642203, திருப்பூர் மாவட்டம்.

கொமரலிங்கம் பேரூர்

அமைப்பாளர் - டி. கி.கிருஷ்ணமூர்த்தி உடுமலை மெயின் ரோடு, குமரலிங்கம்-642204, திருப்பூர் மாவட்டம்.

துணை அமைப்பாளர்கள் - 1)கணேஷ்குமார் குருசாமிதிரு குமரலிங்கம்-642204, திருப்பூர் மாவட்டம். 2) எம். மிரஞ்சன் குமார் இந்திரா வீதி, குமரலிங்கம்-642204, திருப்பூர் மாவட்டம். 3) கே. சதீஷ்குமார் இந்திரா வீதி, குமரலிங்கம்-642204, திருப்பூர் மாவட்டம்.

தொடர்ச்சி III–ஆம் பக்கம்
